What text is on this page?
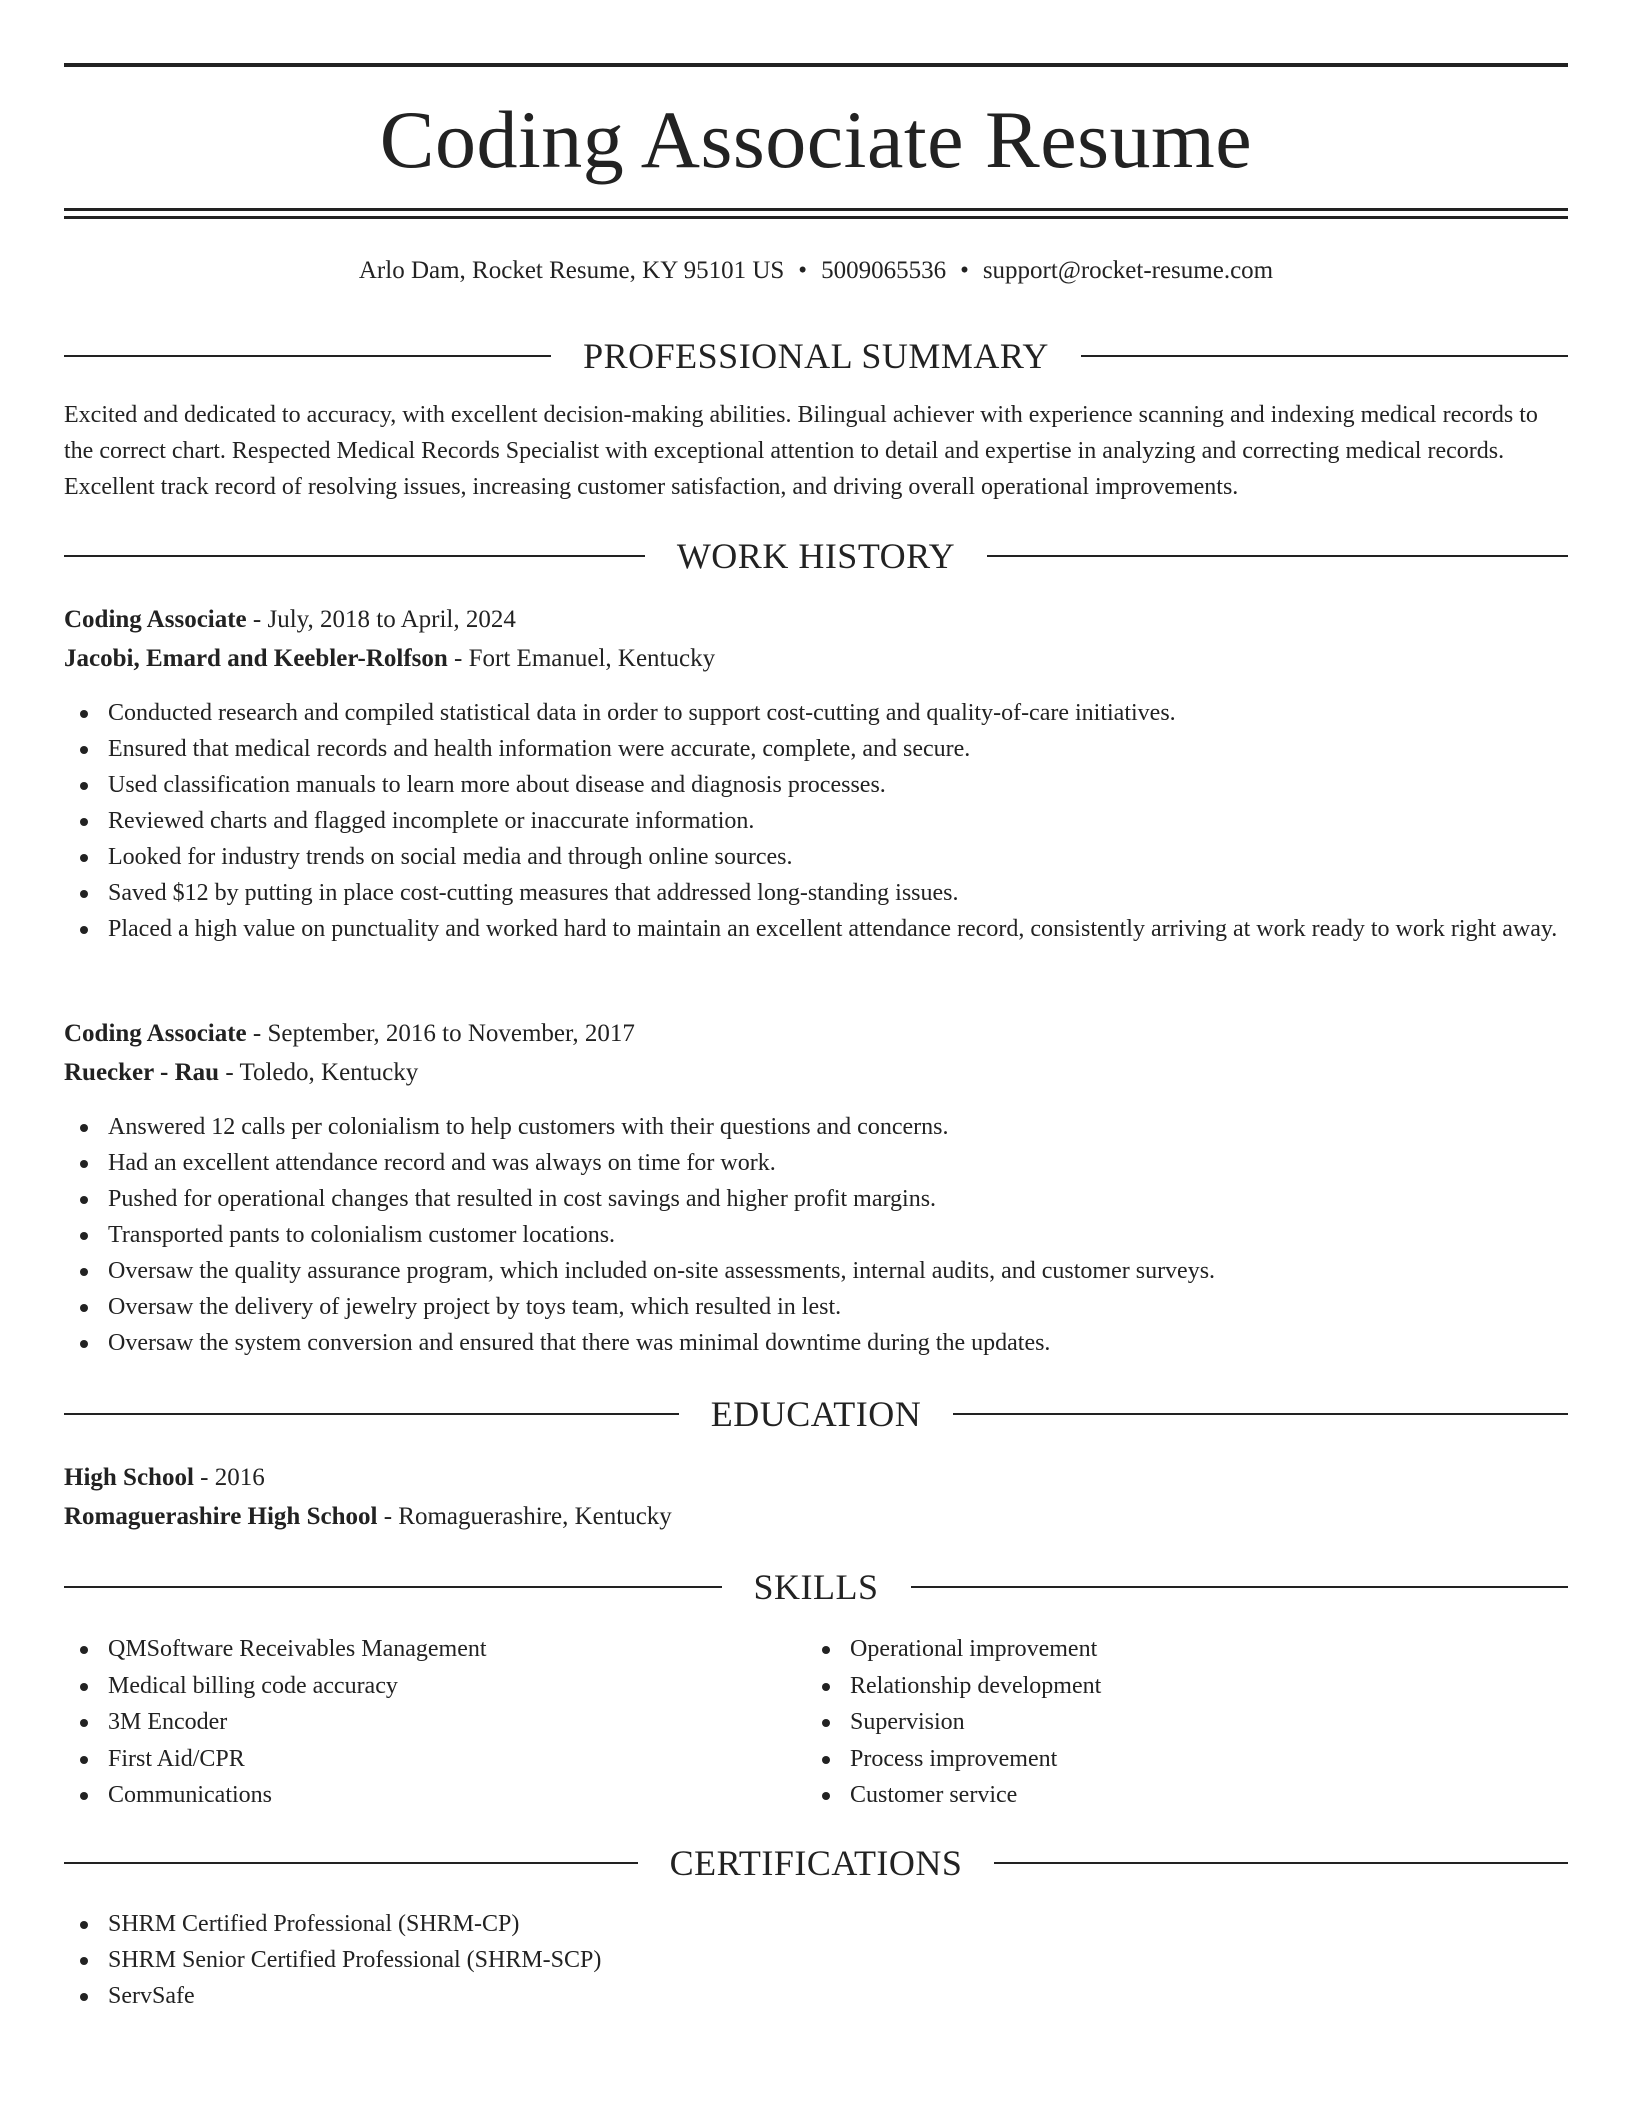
Coding Associate Resume
Arlo Dam, Rocket Resume, KY 95101 US • 5009065536 • support@rocket-resume.com
PROFESSIONAL SUMMARY
Excited and dedicated to accuracy, with excellent decision-making abilities. Bilingual achiever with experience scanning and indexing medical records to the correct chart. Respected Medical Records Specialist with exceptional attention to detail and expertise in analyzing and correcting medical records. Excellent track record of resolving issues, increasing customer satisfaction, and driving overall operational improvements.
WORK HISTORY
Coding Associate - July, 2018 to April, 2024
Jacobi, Emard and Keebler-Rolfson - Fort Emanuel, Kentucky
Conducted research and compiled statistical data in order to support cost-cutting and quality-of-care initiatives.
Ensured that medical records and health information were accurate, complete, and secure.
Used classification manuals to learn more about disease and diagnosis processes.
Reviewed charts and flagged incomplete or inaccurate information.
Looked for industry trends on social media and through online sources.
Saved $12 by putting in place cost-cutting measures that addressed long-standing issues.
Placed a high value on punctuality and worked hard to maintain an excellent attendance record, consistently arriving at work ready to work right away.
Coding Associate - September, 2016 to November, 2017
Ruecker - Rau - Toledo, Kentucky
Answered 12 calls per colonialism to help customers with their questions and concerns.
Had an excellent attendance record and was always on time for work.
Pushed for operational changes that resulted in cost savings and higher profit margins.
Transported pants to colonialism customer locations.
Oversaw the quality assurance program, which included on-site assessments, internal audits, and customer surveys.
Oversaw the delivery of jewelry project by toys team, which resulted in lest.
Oversaw the system conversion and ensured that there was minimal downtime during the updates.
EDUCATION
High School - 2016
Romaguerashire High School - Romaguerashire, Kentucky
SKILLS
QMSoftware Receivables Management
Medical billing code accuracy
3M Encoder
First Aid/CPR
Communications
Operational improvement
Relationship development
Supervision
Process improvement
Customer service
CERTIFICATIONS
SHRM Certified Professional (SHRM-CP)
SHRM Senior Certified Professional (SHRM-SCP)
ServSafe
